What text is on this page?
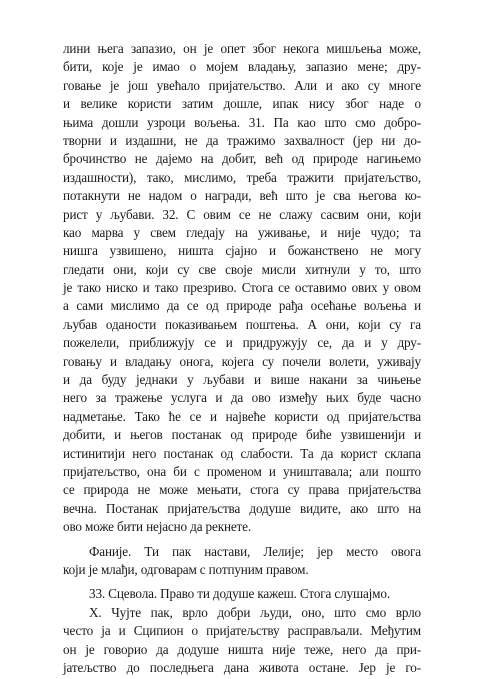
лини њега запазио, он је опет због некога мишљења може,
бити, које је имао о мојем владању, запазио мене; дру-
говање је још увећало пријатељство. Али и ако су многе
и велике користи затим дошле, ипак нису због наде о
њима дошли узроци вољења. 31. Па као што смо добро-
творни и издашни, не да тражимо захвалност (јер ни до-
брочинство не дајемо на добит, већ од природе нагињемо
издашности), тако, мислимо, треба тражити пријатељство,
потакнути не надом о награди, већ што је сва његова ко-
рист у љубави. 32. С овим се не слажу сасвим они, који
као марва у свем гледају на уживање, и није чудо; та
нишга узвишено, ништа сјајно и божанствено не могу
гледати они, који су све своје мисли хитнули у то, што
је тако ниско и тако презриво. Стога се оставимо ових у овом
а сами мислимо да се од природе рађа осећање вољења и
љубав оданости показивањем поштења. А они, који су га
пожелели, приближују се и придружују се, да и у дру-
говању и владању онога, којега су почели волети, уживају
и да буду једнаки у љубави и више накани за чињење
него за тражење услуга и да ово између њих буде часно
надметање. Тако ће се и највеће користи од пријатељства
добити, и његов постанак од природе биће узвишенији и
истинитији него постанак од слабости. Та да корист склапа
пријатељство, она би с променом и уништавала; али пошто
се природа не може мењати, стога су права пријатељства
вечна. Постанак пријатељства додуше видите, ако што на
ово може бити нејасно да рекнете.
Фаније. Ти пак настави, Лелије; јер место овога
који је млађи, одговарам с потпуним правом.
33. Сцевола. Право ти додуше кажеш. Стога слушајмо.
X. Чујте пак, врло добри људи, оно, што смо врло
често ја и Сципион о пријатељству расправљали. Међутим
он је говорио да додуше ништа није теже, него да при-
јатељство до последњега дана живота остане. Јер је го-
